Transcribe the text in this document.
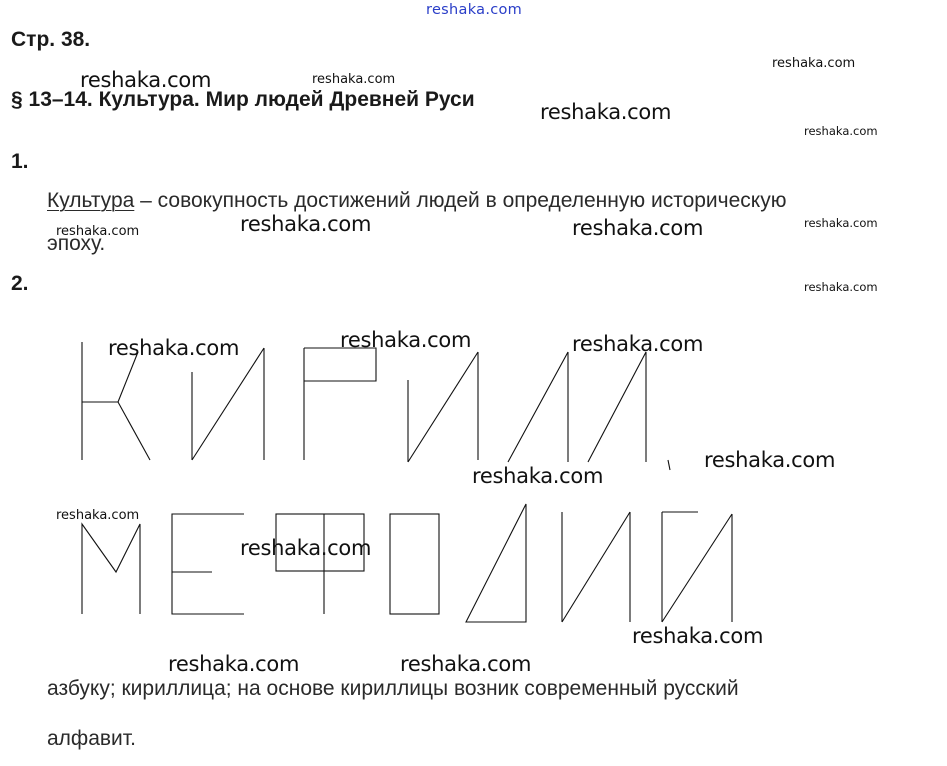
Стр. 38.
§ 13–14. Культура. Мир людей Древней Руси
1.
Культура – совокупность достижений людей в определенную историческую
эпоху.
2.
азбуку; кириллица; на основе кириллицы возник современный русский
алфавит.
reshaka.com
reshaka.com	reshaka.com
reshaka.com
reshaka.com
reshaka.com
reshaka.com
reshaka.com	reshaka.com	reshaka.com
reshaka.com
reshaka.com	reshaka.com	reshaka.com
reshaka.com
reshaka.com
reshaka.com
reshaka.com
reshaka.com
reshaka.com	reshaka.com
